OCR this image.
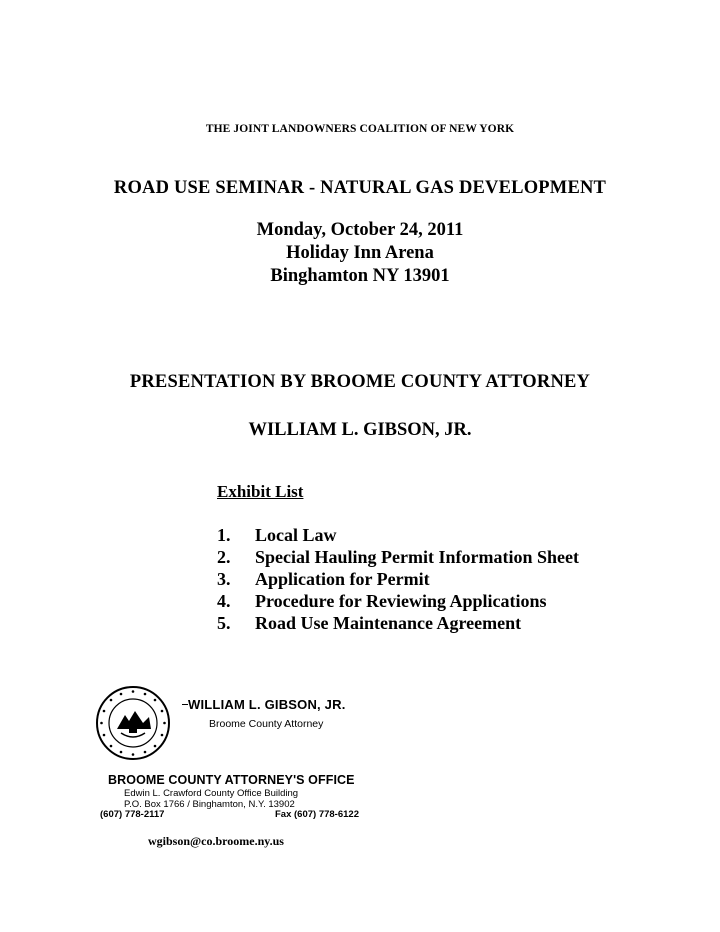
THE JOINT LANDOWNERS COALITION OF NEW YORK
ROAD USE SEMINAR - NATURAL GAS DEVELOPMENT
Monday, October 24, 2011
Holiday Inn Arena
Binghamton NY 13901
PRESENTATION BY BROOME COUNTY ATTORNEY
WILLIAM L. GIBSON, JR.
Exhibit List
1.	Local Law
2.	Special Hauling Permit Information Sheet
3.	Application for Permit
4.	Procedure for Reviewing Applications
5.	Road Use Maintenance Agreement
WILLIAM L. GIBSON, JR.
Broome County Attorney
BROOME COUNTY ATTORNEY'S OFFICE
Edwin L. Crawford County Office Building
P.O. Box 1766 / Binghamton, N.Y. 13902
(607) 778-2117	Fax (607) 778-6122
wgibson@co.broome.ny.us
